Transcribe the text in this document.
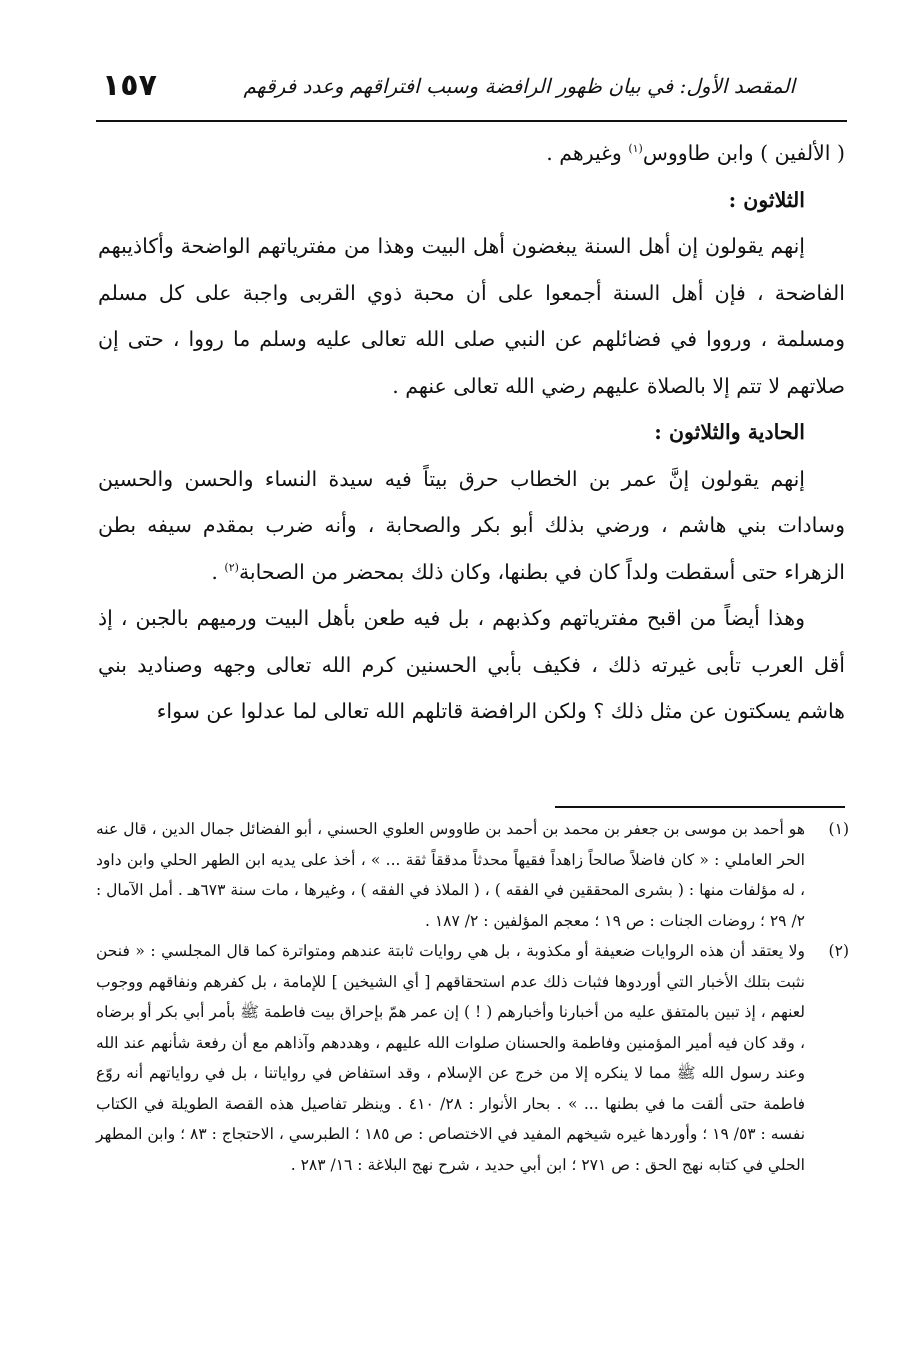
المقصد الأول: في بيان ظهور الرافضة وسبب افتراقهم وعدد فرقهم
١٥٧

( الألفين ) وابن طاووس$^{(١)}$ وغيرهم .

الثلاثون :

إنهم يقولون إن أهل السنة يبغضون أهل البيت وهذا من مفترياتهم الواضحة وأكاذيبهم الفاضحة ، فإن أهل السنة أجمعوا على أن محبة ذوي القربى واجبة على كل مسلم ومسلمة ، ورووا في فضائلهم عن النبي صلى الله تعالى عليه وسلم ما رووا ، حتى إن صلاتهم لا تتم إلا بالصلاة عليهم رضي الله تعالى عنهم .

الحادية والثلاثون :

إنهم يقولون إنَّ عمر بن الخطاب حرق بيتاً فيه سيدة النساء والحسن والحسين وسادات بني هاشم ، ورضي بذلك أبو بكر والصحابة ، وأنه ضرب بمقدم سيفه بطن الزهراء حتى أسقطت ولداً كان في بطنها، وكان ذلك بمحضر من الصحابة$^{(٢)}$ .

وهذا أيضاً من اقبح مفترياتهم وكذبهم ، بل فيه طعن بأهل البيت ورميهم بالجبن ، إذ أقل العرب تأبى غيرته ذلك ، فكيف بأبي الحسنين كرم الله تعالى وجهه وصناديد بني هاشم يسكتون عن مثل ذلك ؟ ولكن الرافضة قاتلهم الله تعالى لما عدلوا عن سواء

(١)

هو أحمد بن موسى بن جعفر بن محمد بن أحمد بن طاووس العلوي الحسني ، أبو الفضائل جمال الدين ، قال عنه الحر العاملي : « كان فاضلاً صالحاً زاهداً فقيهاً محدثاً مدققاً ثقة ... » ، أخذ على يديه ابن الطهر الحلي وابن داود ، له مؤلفات منها : ( بشرى المحققين في الفقه ) ، ( الملاذ في الفقه ) ، وغيرها ، مات سنة ٦٧٣هـ . أمل الآمال : ٢/ ٢٩ ؛ روضات الجنات : ص ١٩ ؛ معجم المؤلفين : ٢/ ١٨٧ .

(٢)

ولا يعتقد أن هذه الروايات ضعيفة أو مكذوبة ، بل هي روايات ثابتة عندهم ومتواترة كما قال المجلسي : « فنحن نثبت بتلك الأخبار التي أوردوها فثبات ذلك عدم استحقاقهم [ أي الشيخين ] للإمامة ، بل كفرهم ونفاقهم ووجوب لعنهم ، إذ تبين بالمتفق عليه من أخبارنا وأخبارهم ( ! ) إن عمر همّ بإحراق بيت فاطمة ﷺ بأمر أبي بكر أو برضاه ، وقد كان فيه أمير المؤمنين وفاطمة والحسنان صلوات الله عليهم ، وهددهم وآذاهم مع أن رفعة شأنهم عند الله وعند رسول الله ﷺ مما لا ينكره إلا من خرج عن الإسلام ، وقد استفاض في رواياتنا ، بل في رواياتهم أنه روّع فاطمة حتى ألقت ما في بطنها ... » . بحار الأنوار : ٢٨/ ٤١٠ . وينظر تفاصيل هذه القصة الطويلة في الكتاب نفسه : ٥٣/ ١٩ ؛ وأوردها غيره شيخهم المفيد في الاختصاص : ص ١٨٥ ؛ الطبرسي ، الاحتجاج : ٨٣ ؛ وابن المطهر الحلي في كتابه نهج الحق : ص ٢٧١ ؛ ابن أبي حديد ، شرح نهج البلاغة : ١٦/ ٢٨٣ .
